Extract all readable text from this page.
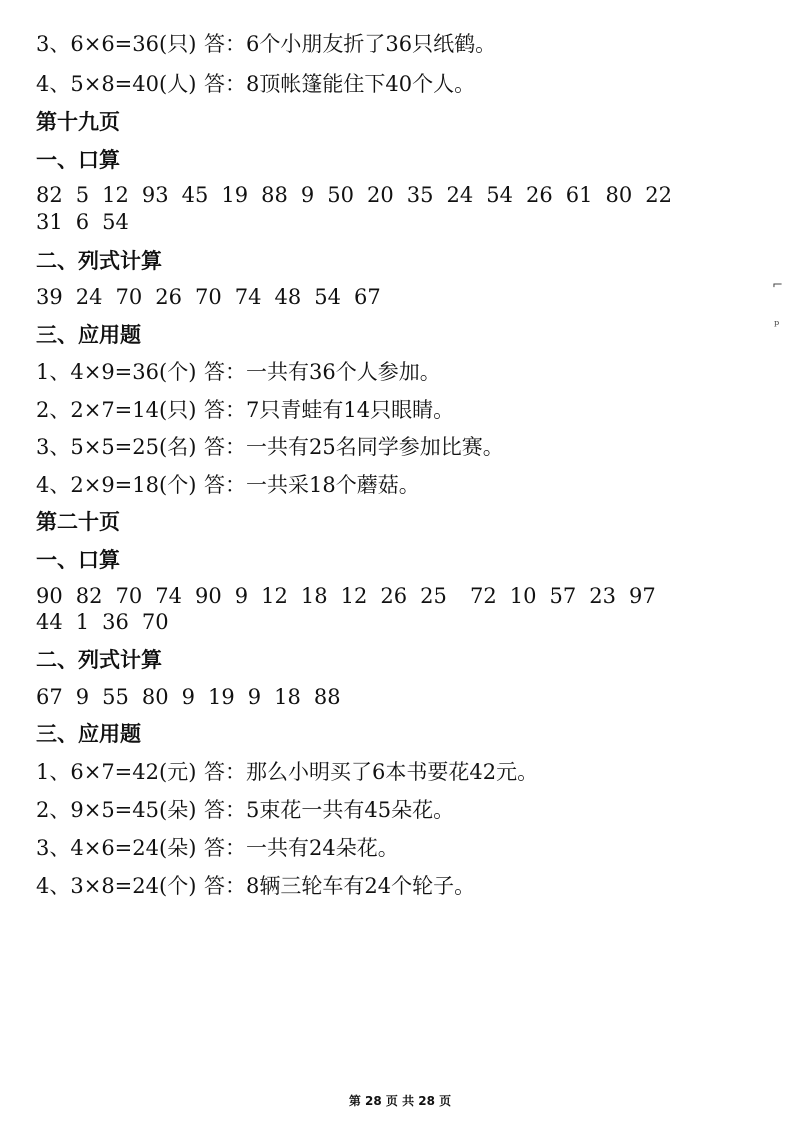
3、6×6=36(只) 答：6个小朋友折了36只纸鹤。

4、5×8=40(人) 答：8顶帐篷能住下40个人。

第十九页

一、口算

82 5 12 93 45 19 88 9 50 20 35 24 54 26 61 80 22

31 6 54

二、列式计算

39 24 70 26 70 74 48 54 67

三、应用题

1、4×9=36(个) 答：一共有36个人参加。

2、2×7=14(只) 答：7只青蛙有14只眼睛。

3、5×5=25(名) 答：一共有25名同学参加比赛。

4、2×9=18(个) 答：一共采18个蘑菇。

第二十页

一、口算

90 82 70 74 90 9 12 18 12 26 25 72 10 57 23 97

44 1 36 70

二、列式计算

67 9 55 80 9 19 9 18 88

三、应用题

1、6×7=42(元) 答：那么小明买了6本书要花42元。

2、9×5=45(朵) 答：5束花一共有45朵花。

3、4×6=24(朵) 答：一共有24朵花。

4、3×8=24(个) 答：8辆三轮车有24个轮子。

⌐
ᵖ
第 28 页 共 28 页
